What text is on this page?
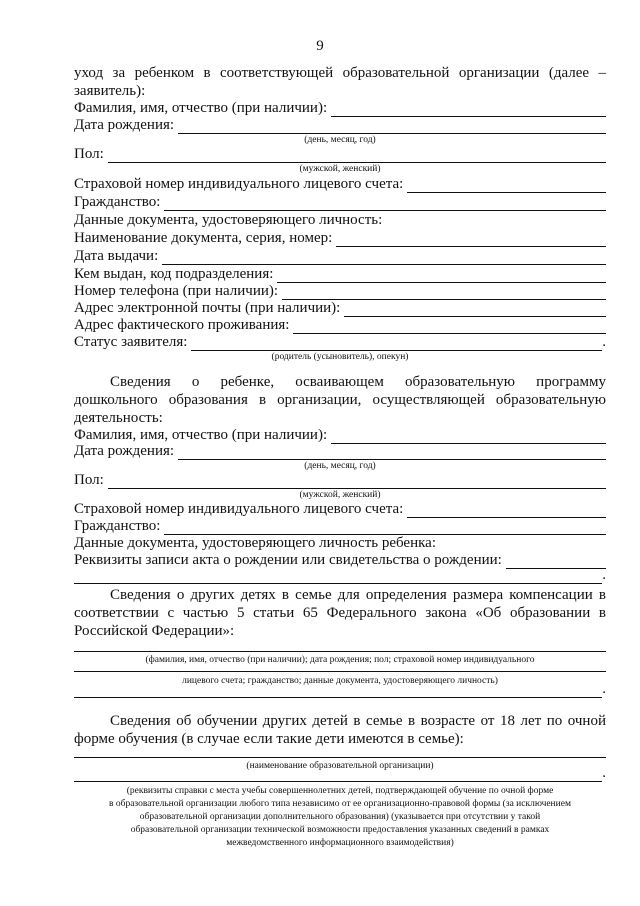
9
уход за ребенком в соответствующей образовательной организации (далее – заявитель):
Фамилия, имя, отчество (при наличии):
Дата рождения:
(день, месяц, год)
Пол:
(мужской, женский)
Страховой номер индивидуального лицевого счета:
Гражданство:
Данные документа, удостоверяющего личность:
Наименование документа, серия, номер:
Дата выдачи:
Кем выдан, код подразделения:
Номер телефона (при наличии):
Адрес электронной почты (при наличии):
Адрес фактического проживания:
Статус заявителя:	.
(родитель (усыновитель), опекун)
Сведения о ребенке, осваивающем образовательную программу дошкольного образования в организации, осуществляющей образовательную деятельность:
Фамилия, имя, отчество (при наличии):
Дата рождения:
(день, месяц, год)
Пол:
(мужской, женский)
Страховой номер индивидуального лицевого счета:
Гражданство:
Данные документа, удостоверяющего личность ребенка:
Реквизиты записи акта о рождении или свидетельства о рождении:
.
Сведения о других детях в семье для определения размера компенсации в соответствии с частью 5 статьи 65 Федерального закона «Об образовании в Российской Федерации»:
(фамилия, имя, отчество (при наличии); дата рождения; пол; страховой номер индивидуального
лицевого счета; гражданство; данные документа, удостоверяющего личность)	.
Сведения об обучении других детей в семье в возрасте от 18 лет по очной форме обучения (в случае если такие дети имеются в семье):
(наименование образовательной организации)	.
(реквизиты справки с места учебы совершеннолетних детей, подтверждающей обучение по очной форме
в образовательной организации любого типа независимо от ее организационно-правовой формы (за исключением
образовательной организации дополнительного образования) (указывается при отсутствии у такой
образовательной организации технической возможности предоставления указанных сведений в рамках
межведомственного информационного взаимодействия)
